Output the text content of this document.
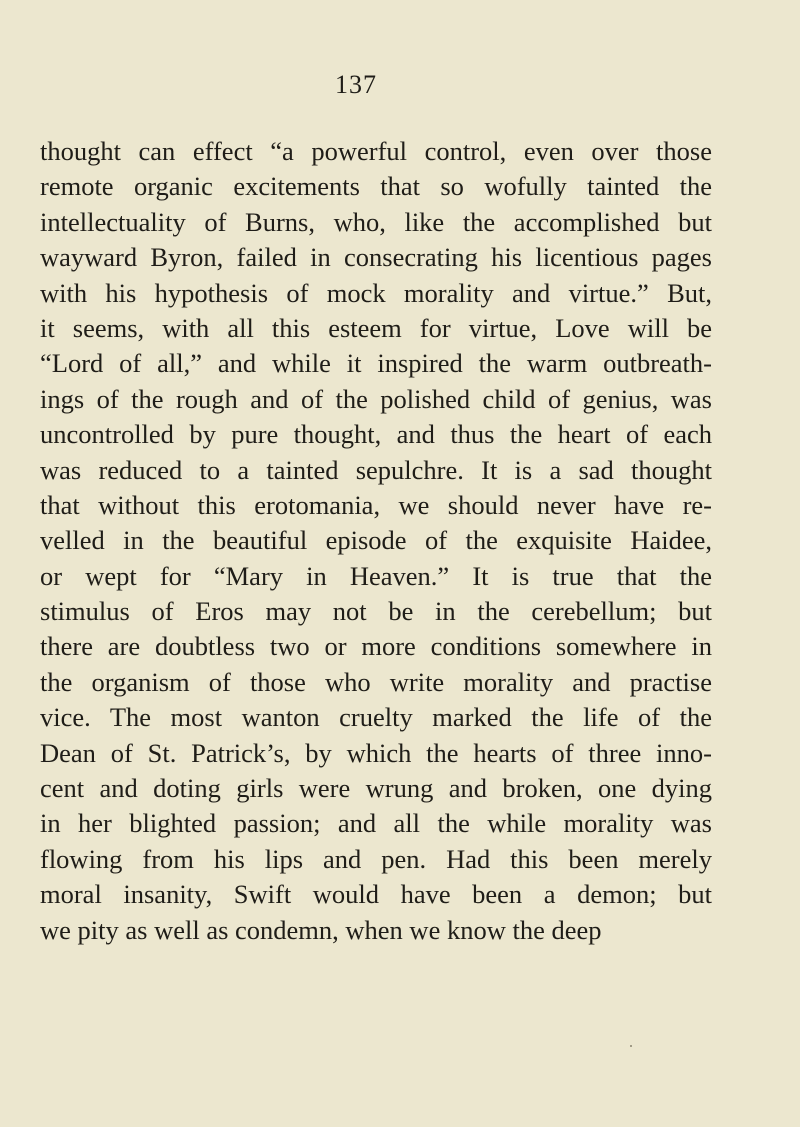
137
thought can effect “a powerful control, even over those
remote organic excitements that so wofully tainted the
intellectuality of Burns, who, like the accomplished but
wayward Byron, failed in consecrating his licentious pages
with his hypothesis of mock morality and virtue.” But,
it seems, with all this esteem for virtue, Love will be
“Lord of all,” and while it inspired the warm outbreath-
ings of the rough and of the polished child of genius, was
uncontrolled by pure thought, and thus the heart of each
was reduced to a tainted sepulchre. It is a sad thought
that without this erotomania, we should never have re-
velled in the beautiful episode of the exquisite Haidee,
or wept for “Mary in Heaven.” It is true that the
stimulus of Eros may not be in the cerebellum; but
there are doubtless two or more conditions somewhere in
the organism of those who write morality and practise
vice. The most wanton cruelty marked the life of the
Dean of St. Patrick’s, by which the hearts of three inno-
cent and doting girls were wrung and broken, one dying
in her blighted passion; and all the while morality was
flowing from his lips and pen. Had this been merely
moral insanity, Swift would have been a demon; but
we pity as well as condemn, when we know the deep
